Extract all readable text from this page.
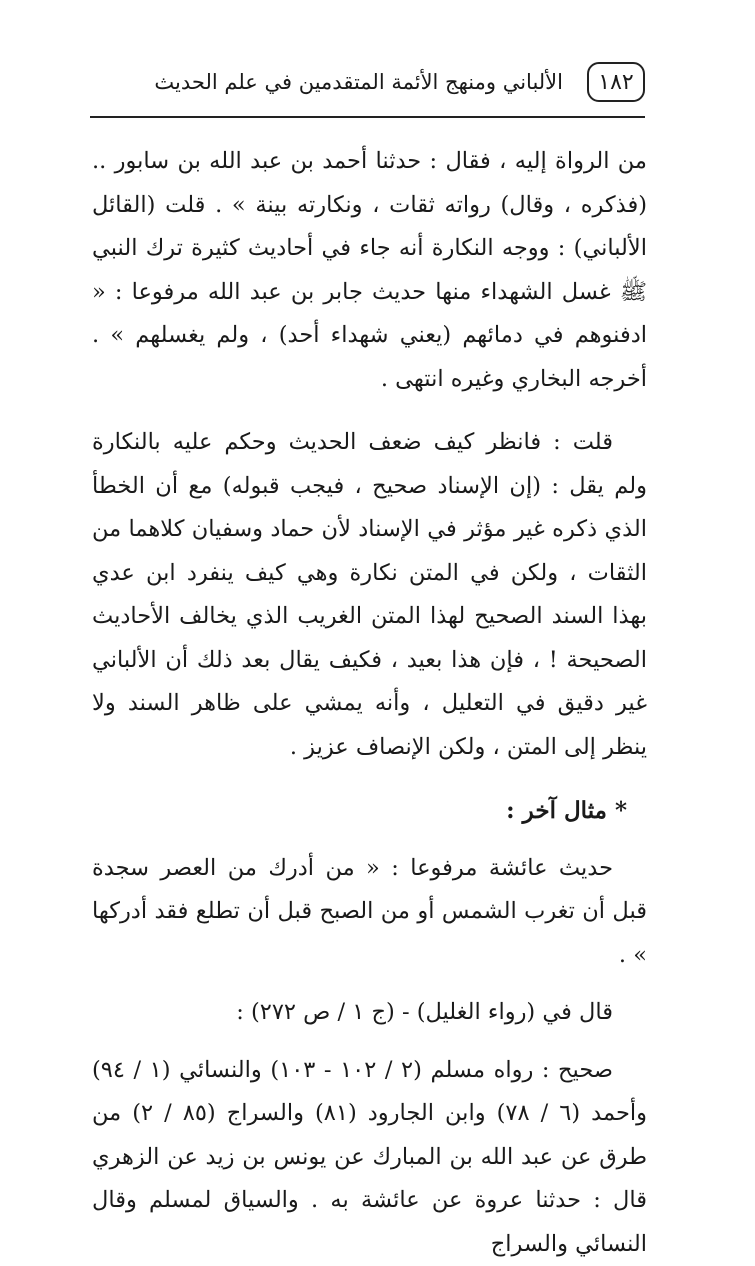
١٨٢
الألباني ومنهج الأئمة المتقدمين في علم الحديث

من الرواة إليه ، فقال : حدثنا أحمد بن عبد الله بن سابور .. (فذكره ، وقال) رواته ثقات ، ونكارته بينة » . قلت (القائل الألباني) : ووجه النكارة أنه جاء في أحاديث كثيرة ترك النبي ﷺ غسل الشهداء منها حديث جابر بن عبد الله مرفوعا : « ادفنوهم في دمائهم (يعني شهداء أحد) ، ولم يغسلهم » . أخرجه البخاري وغيره انتهى .

قلت : فانظر كيف ضعف الحديث وحكم عليه بالنكارة ولم يقل : (إن الإسناد صحيح ، فيجب قبوله) مع أن الخطأ الذي ذكره غير مؤثر في الإسناد لأن حماد وسفيان كلاهما من الثقات ، ولكن في المتن نكارة وهي كيف ينفرد ابن عدي بهذا السند الصحيح لهذا المتن الغريب الذي يخالف الأحاديث الصحيحة ! ، فإن هذا بعيد ، فكيف يقال بعد ذلك أن الألباني غير دقيق في التعليل ، وأنه يمشي على ظاهر السند ولا ينظر إلى المتن ، ولكن الإنصاف عزيز .

* مثال آخر :

حديث عائشة مرفوعا : « من أدرك من العصر سجدة قبل أن تغرب الشمس أو من الصبح قبل أن تطلع فقد أدركها » .

قال في (رواء الغليل) - (ج ١ / ص ٢٧٢) :

صحيح : رواه مسلم (٢ / ١٠٢ - ١٠٣) والنسائي (١ / ٩٤) وأحمد (٦ / ٧٨) وابن الجارود (٨١) والسراج (٨٥ / ٢) من طرق عن عبد الله بن المبارك عن يونس بن زيد عن الزهري قال : حدثنا عروة عن عائشة به . والسياق لمسلم وقال النسائي والسراج
